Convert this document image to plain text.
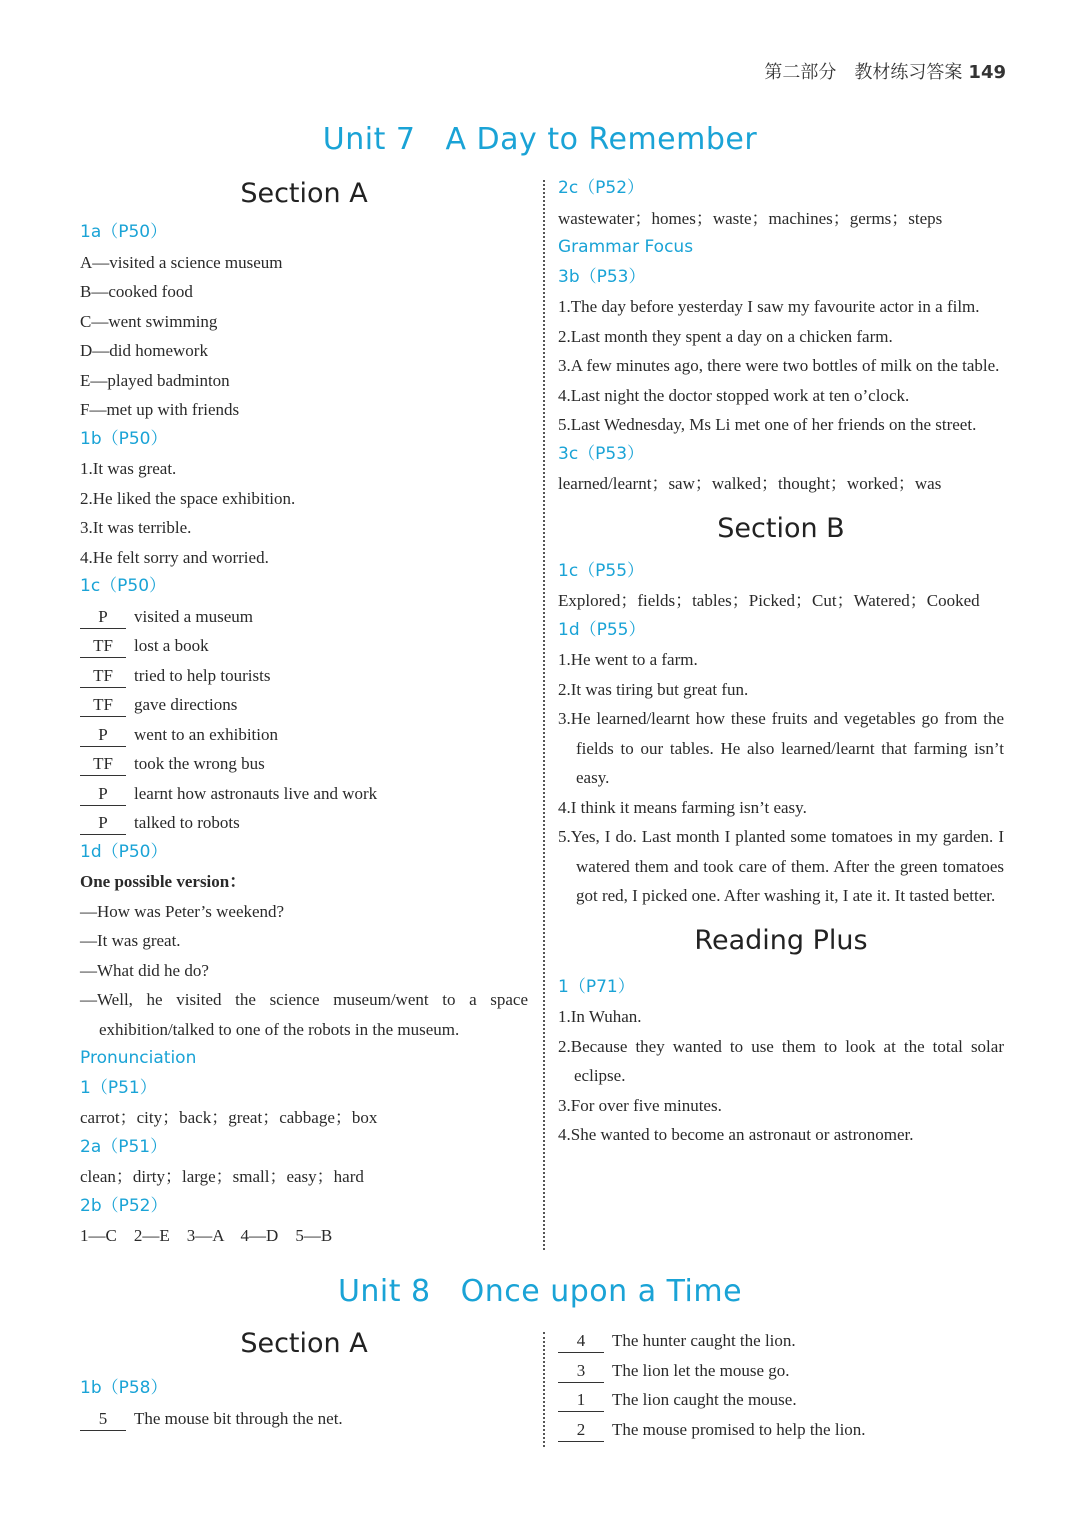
第二部分　教材练习答案 149
Unit 7 A Day to Remember
Section A
1a（P50）
A—visited a science museum
B—cooked food
C—went swimming
D—did homework
E—played badminton
F—met up with friends
1b（P50）
1.It was great.
2.He liked the space exhibition.
3.It was terrible.
4.He felt sorry and worried.
1c（P50）
P visited a museum
TF lost a book
TF tried to help tourists
TF gave directions
P went to an exhibition
TF took the wrong bus
P learnt how astronauts live and work
P talked to robots
1d（P50）
One possible version：
—How was Peter’s weekend?
—It was great.
—What did he do?
—Well, he visited the science museum/went to a space exhibition/talked to one of the robots in the museum.
Pronunciation
1（P51）
carrot；city；back；great；cabbage；box
2a（P51）
clean；dirty；large；small；easy；hard
2b（P52）
1—C　2—E　3—A　4—D　5—B
2c（P52）
wastewater；homes；waste；machines；germs；steps
Grammar Focus
3b（P53）
1.The day before yesterday I saw my favourite actor in a film.
2.Last month they spent a day on a chicken farm.
3.A few minutes ago, there were two bottles of milk on the table.
4.Last night the doctor stopped work at ten o’clock.
5.Last Wednesday, Ms Li met one of her friends on the street.
3c（P53）
learned/learnt；saw；walked；thought；worked；was
Section B
1c（P55）
Explored；fields；tables；Picked；Cut；Watered；Cooked
1d（P55）
1.He went to a farm.
2.It was tiring but great fun.
3.He learned/learnt how these fruits and vegetables go from the fields to our tables. He also learned/learnt that farming isn’t easy.
4.I think it means farming isn’t easy.
5.Yes, I do. Last month I planted some tomatoes in my garden. I watered them and took care of them. After the green tomatoes got red, I picked one. After washing it, I ate it. It tasted better.
Reading Plus
1（P71）
1.In Wuhan.
2.Because they wanted to use them to look at the total solar eclipse.
3.For over five minutes.
4.She wanted to become an astronaut or astronomer.
Unit 8 Once upon a Time
Section A
1b（P58）
5 The mouse bit through the net.
4 The hunter caught the lion.
3 The lion let the mouse go.
1 The lion caught the mouse.
2 The mouse promised to help the lion.
